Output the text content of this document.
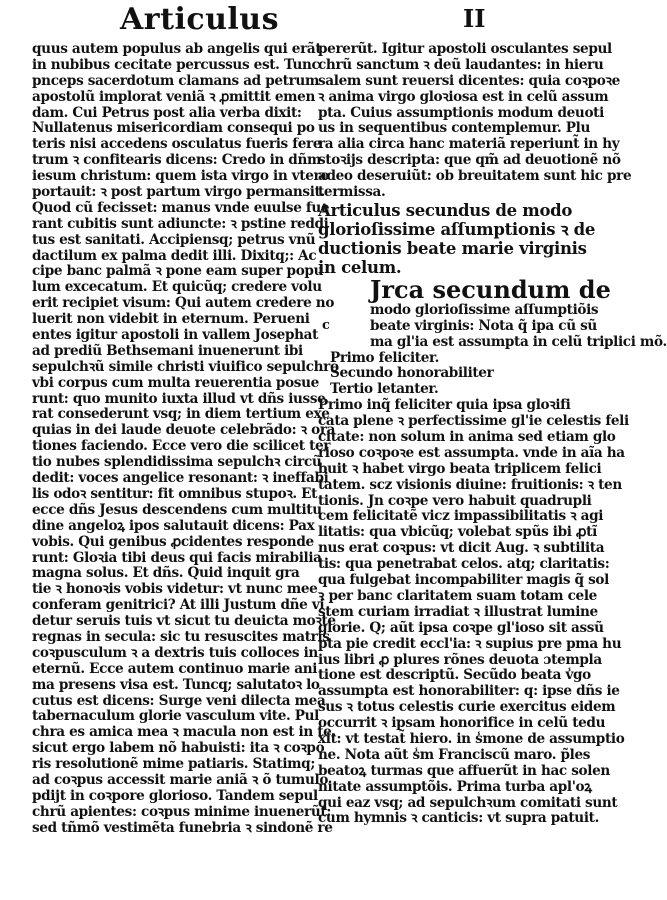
Articulus	II
quus autem populus ab angelis qui erãt
in nubibus cecitate percussus est. Tunc
pnceps sacerdotum clamans ad petrum
apostolũ implorat veniã ꝛ ꝓmittit emen
dam. Cui Petrus post alia verba dixit:
Nullatenus misericordiam consequi po
teris nisi accedens osculatus fueris fere
trum ꝛ confitearis dicens: Credo in dñm
iesum christum: quem ista virgo in vtero
portauit: ꝛ post partum virgo permansit.
Quod cũ fecisset: manus vnde euulse fue
rant cubitis sunt adiuncte: ꝛ pstine reddi
tus est sanitati. Accipiensq; petrus vnũ
dactilum ex palma dedit illi. Dixitq;: Ac
cipe banc palmã ꝛ pone eam super popu
lum excecatum. Et quicũq; credere volu
erit recipiet visum: Qui autem credere no
luerit non videbit in eternum. Perueni
entes igitur apostoli in vallem Josephat
ad prediũ Bethsemani inuenerunt ibi
sepulchꝛũ simile christi viuifico sepulchro
vbi corpus cum multa reuerentia posue
runt: quo munito iuxta illud vt dñs iusse
rat consederunt vsq; in diem tertium exe
quias in dei laude deuote celebrãdo: ꝛ ora
tiones faciendo. Ecce vero die scilicet ter
tio nubes splendidissima sepulchꝛ circũ
dedit: voces angelice resonant: ꝛ ineffabi
lis odoꝛ sentitur: fit omnibus stupoꝛ. Et
ecce dñs Jesus descendens cum multitu
dine angeloꝝ ipos salutauit dicens: Pax
vobis. Qui genibus ꝓcidentes responde
runt: Gloꝛia tibi deus qui facis mirabilia
magna solus. Et dñs. Quid inquit gra
tie ꝛ honoꝛis vobis videtur: vt nunc mee
conferam genitrici? At illi Justum dñe vi
detur seruis tuis vt sicut tu deuicta moꝛte
regnas in secula: sic tu resuscites matris
coꝛpusculum ꝛ a dextris tuis colloces in
eternũ. Ecce autem continuo marie ani
ma presens visa est. Tuncq; salutatoꝛ lo
cutus est dicens: Surge veni dilecta mea
tabernaculum glorie vasculum vite. Pul
chra es amica mea ꝛ macula non est in te.
sicut ergo labem nõ habuisti: ita ꝛ coꝛpo
ris resolutionẽ mime patiaris. Statimq;
ad coꝛpus accessit marie aniã ꝛ õ tumulo
pdijt in coꝛpore glorioso. Tandem sepul
chrũ apientes: coꝛpus minime inuenerũt:
sed tñmõ vestimẽta funebria ꝛ sindonẽ re
pererũt. Igitur apostoli osculantes sepul
chrũ sanctum ꝛ deũ laudantes: in hieru
salem sunt reuersi dicentes: quia coꝛpoꝛe
ꝛ anima virgo gloꝛiosa est in celũ assum
pta. Cuius assumptionis modum deuoti
us in sequentibus contemplemur. Plu
ra alia circa hanc materiã reperiunt̃ in hy
stoꝛijs descripta: que qm̃ ad deuotionẽ nõ
adeo deseruiũt: ob breuitatem sunt hic pre
termissa.
Articulus secundus de modo
glorioſissime aſſumptionis ꝛ de
ductionis beate marie virginis
in celum.
Jrca secundum de
modo glorioſissime aſſumptiõis
beate virginis: Nota q̃ ipa cũ sũ
ma gl'ia est assumpta in celũ triplici mõ.
Primo feliciter.
Secundo honorabiliter
Tertio letanter.
Primo inq̃ feliciter quia ipsa gloꝛifi
cata plene ꝛ perfectissime gl'ie celestis feli
citate: non solum in anima sed etiam glo
rioso coꝛpoꝛe est assumpta. vnde in aĩa ha
buit ꝛ habet virgo beata triplicem felici
tatem. scz visionis diuine: fruitionis: ꝛ ten
tionis. Jn coꝛpe vero habuit quadrupli
cem felicitatẽ vicz impassibilitatis ꝛ agi
litatis: qua vbicũq; volebat spũs ibi ꝓtĩ
nus erat coꝛpus: vt dicit Aug. ꝛ subtilita
tis: qua penetrabat celos. atq; claritatis:
qua fulgebat incompabiliter magis q̃ sol
ꝛ per banc claritatem suam totam cele
stem curiam irradiat ꝛ illustrat lumine
glorie. Q; aũt ipsa coꝛpe gl'ioso sit assũ
pta pie credit eccl'ia: ꝛ supius pre pma hu
ius libri ꝓ plures rõnes deuota ɔtempla
tione est descriptũ. Secũdo beata v̾go
assumpta est honorabiliter: q: ipse dñs ie
sus ꝛ totus celestis curie exercitus eidem
occurrit ꝛ ipsam honorifice in celũ tedu
xit: vt testat̃ hiero. in s̾mone de assumptio
ne. Nota aũt s̾m Franciscũ maro. p̃les
beatoꝝ turmas que affuerũt in hac solen
nitate assumptõis. Prima turba apl'oꝝ
qui eaz vsq; ad sepulchꝛum comitati sunt
cum hymnis ꝛ canticis: vt supra patuit.
c
